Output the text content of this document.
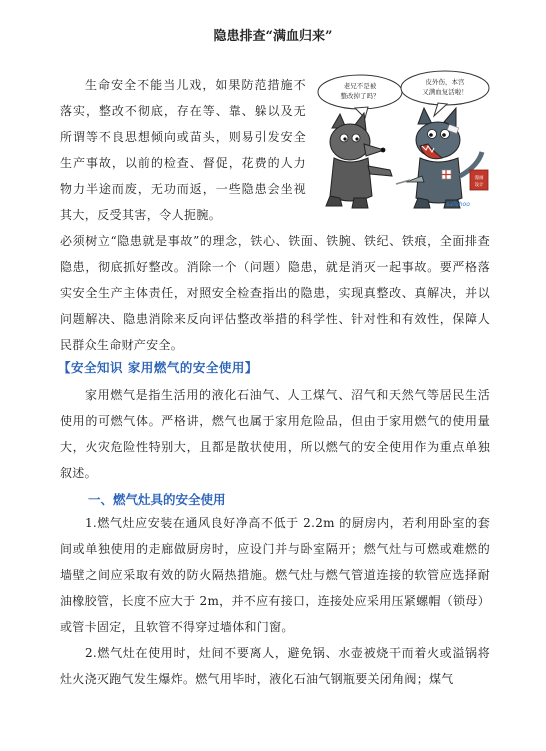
隐患排查“满血归来”

生命安全不能当儿戏，如果防范措施不落实，整改不彻底，存在等、靠、躲以及无所谓等不良思想倾向或苗头，则易引发安全生产事故，以前的检查、督促，花费的人力物力半途而废，无功而返，一些隐患会坐视其大，反受其害，令人扼腕。

老兄不是被
整改掉了吗？
皮外伤，本宫
又满血复活啦！
漫画
设计
safehoo

必须树立“隐患就是事故”的理念，铁心、铁面、铁腕、铁纪、铁痕，全面排查隐患，彻底抓好整改。消除一个（问题）隐患，就是消灭一起事故。要严格落实安全生产主体责任，对照安全检查指出的隐患，实现真整改、真解决，并以问题解决、隐患消除来反向评估整改举措的科学性、针对性和有效性，保障人民群众生命财产安全。

【安全知识 家用燃气的安全使用】

家用燃气是指生活用的液化石油气、人工煤气、沼气和天然气等居民生活使用的可燃气体。严格讲，燃气也属于家用危险品，但由于家用燃气的使用量大，火灾危险性特别大，且都是散状使用，所以燃气的安全使用作为重点单独叙述。

一、燃气灶具的安全使用

1.燃气灶应安装在通风良好净高不低于 2.2m 的厨房内，若利用卧室的套间或单独使用的走廊做厨房时，应设门并与卧室隔开；燃气灶与可燃或难燃的墙壁之间应采取有效的防火隔热措施。燃气灶与燃气管道连接的软管应选择耐油橡胶管，长度不应大于 2m，并不应有接口，连接处应采用压紧螺帽（锁母）或管卡固定，且软管不得穿过墙体和门窗。

2.燃气灶在使用时，灶间不要离人，避免锅、水壶被烧干而着火或溢锅将灶火浇灭跑气发生爆炸。燃气用毕时，液化石油气钢瓶要关闭角阀；煤气
